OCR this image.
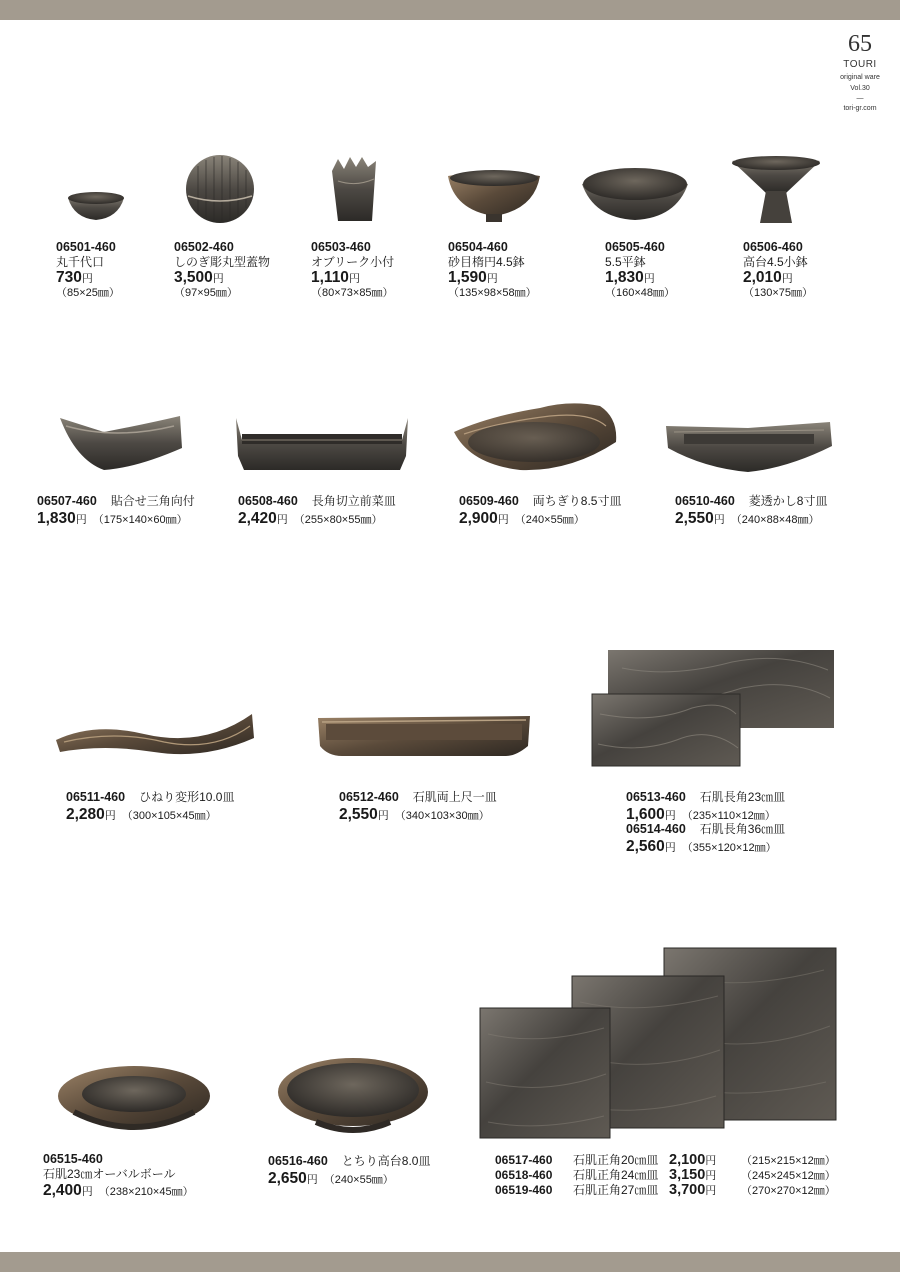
65
TOURI
original ware
Vol.30
—
tori-gr.com
06501-460
丸千代口
730円
（85×25㎜）
06502-460
しのぎ彫丸型蓋物
3,500円
（97×95㎜）
06503-460
オブリーク小付
1,110円
（80×73×85㎜）
06504-460
砂目楕円4.5鉢
1,590円
（135×98×58㎜）
06505-460
5.5平鉢
1,830円
（160×48㎜）
06506-460
高台4.5小鉢
2,010円
（130×75㎜）
06507-460 貼合せ三角向付
1,830円 （175×140×60㎜）
06508-460 長角切立前菜皿
2,420円 （255×80×55㎜）
06509-460 両ちぎり8.5寸皿
2,900円 （240×55㎜）
06510-460 菱透かし8寸皿
2,550円 （240×88×48㎜）
06511-460 ひねり変形10.0皿
2,280円 （300×105×45㎜）
06512-460 石肌両上尺一皿
2,550円 （340×103×30㎜）
06513-460 石肌長角23㎝皿
1,600円 （235×110×12㎜）
06514-460 石肌長角36㎝皿
2,560円 （355×120×12㎜）
06515-460
石肌23㎝オーバルボール
2,400円 （238×210×45㎜）
06516-460 とちり高台8.0皿
2,650円 （240×55㎜）
06517-460 石肌正角20㎝皿 2,100円 （215×215×12㎜）
06518-460 石肌正角24㎝皿 3,150円 （245×245×12㎜）
06519-460 石肌正角27㎝皿 3,700円 （270×270×12㎜）
